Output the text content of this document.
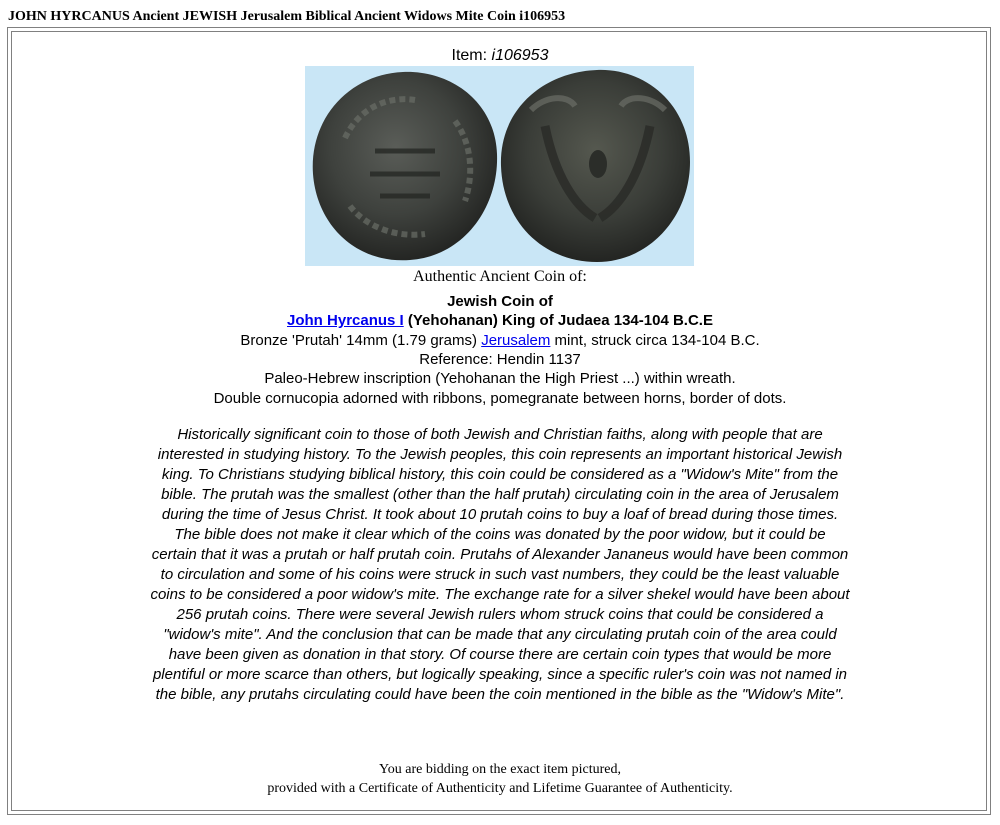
JOHN HYRCANUS Ancient JEWISH Jerusalem Biblical Ancient Widows Mite Coin i106953
Item: i106953
Authentic Ancient Coin of:
Jewish Coin of
John Hyrcanus I (Yehohanan) King of Judaea 134-104 B.C.E
Bronze 'Prutah' 14mm (1.79 grams) Jerusalem mint, struck circa 134-104 B.C.
Reference: Hendin 1137
Paleo-Hebrew inscription (Yehohanan the High Priest ...) within wreath.
Double cornucopia adorned with ribbons, pomegranate between horns, border of dots.

Historically significant coin to those of both Jewish and Christian faiths, along with people that are interested in studying history. To the Jewish peoples, this coin represents an important historical Jewish king. To Christians studying biblical history, this coin could be considered as a "Widow's Mite" from the bible. The prutah was the smallest (other than the half prutah) circulating coin in the area of Jerusalem during the time of Jesus Christ. It took about 10 prutah coins to buy a loaf of bread during those times. The bible does not make it clear which of the coins was donated by the poor widow, but it could be certain that it was a prutah or half prutah coin. Prutahs of Alexander Jananeus would have been common to circulation and some of his coins were struck in such vast numbers, they could be the least valuable coins to be considered a poor widow's mite. The exchange rate for a silver shekel would have been about 256 prutah coins. There were several Jewish rulers whom struck coins that could be considered a "widow's mite". And the conclusion that can be made that any circulating prutah coin of the area could have been given as donation in that story. Of course there are certain coin types that would be more plentiful or more scarce than others, but logically speaking, since a specific ruler's coin was not named in the bible, any prutahs circulating could have been the coin mentioned in the bible as the "Widow's Mite".

You are bidding on the exact item pictured,
provided with a Certificate of Authenticity and Lifetime Guarantee of Authenticity.
